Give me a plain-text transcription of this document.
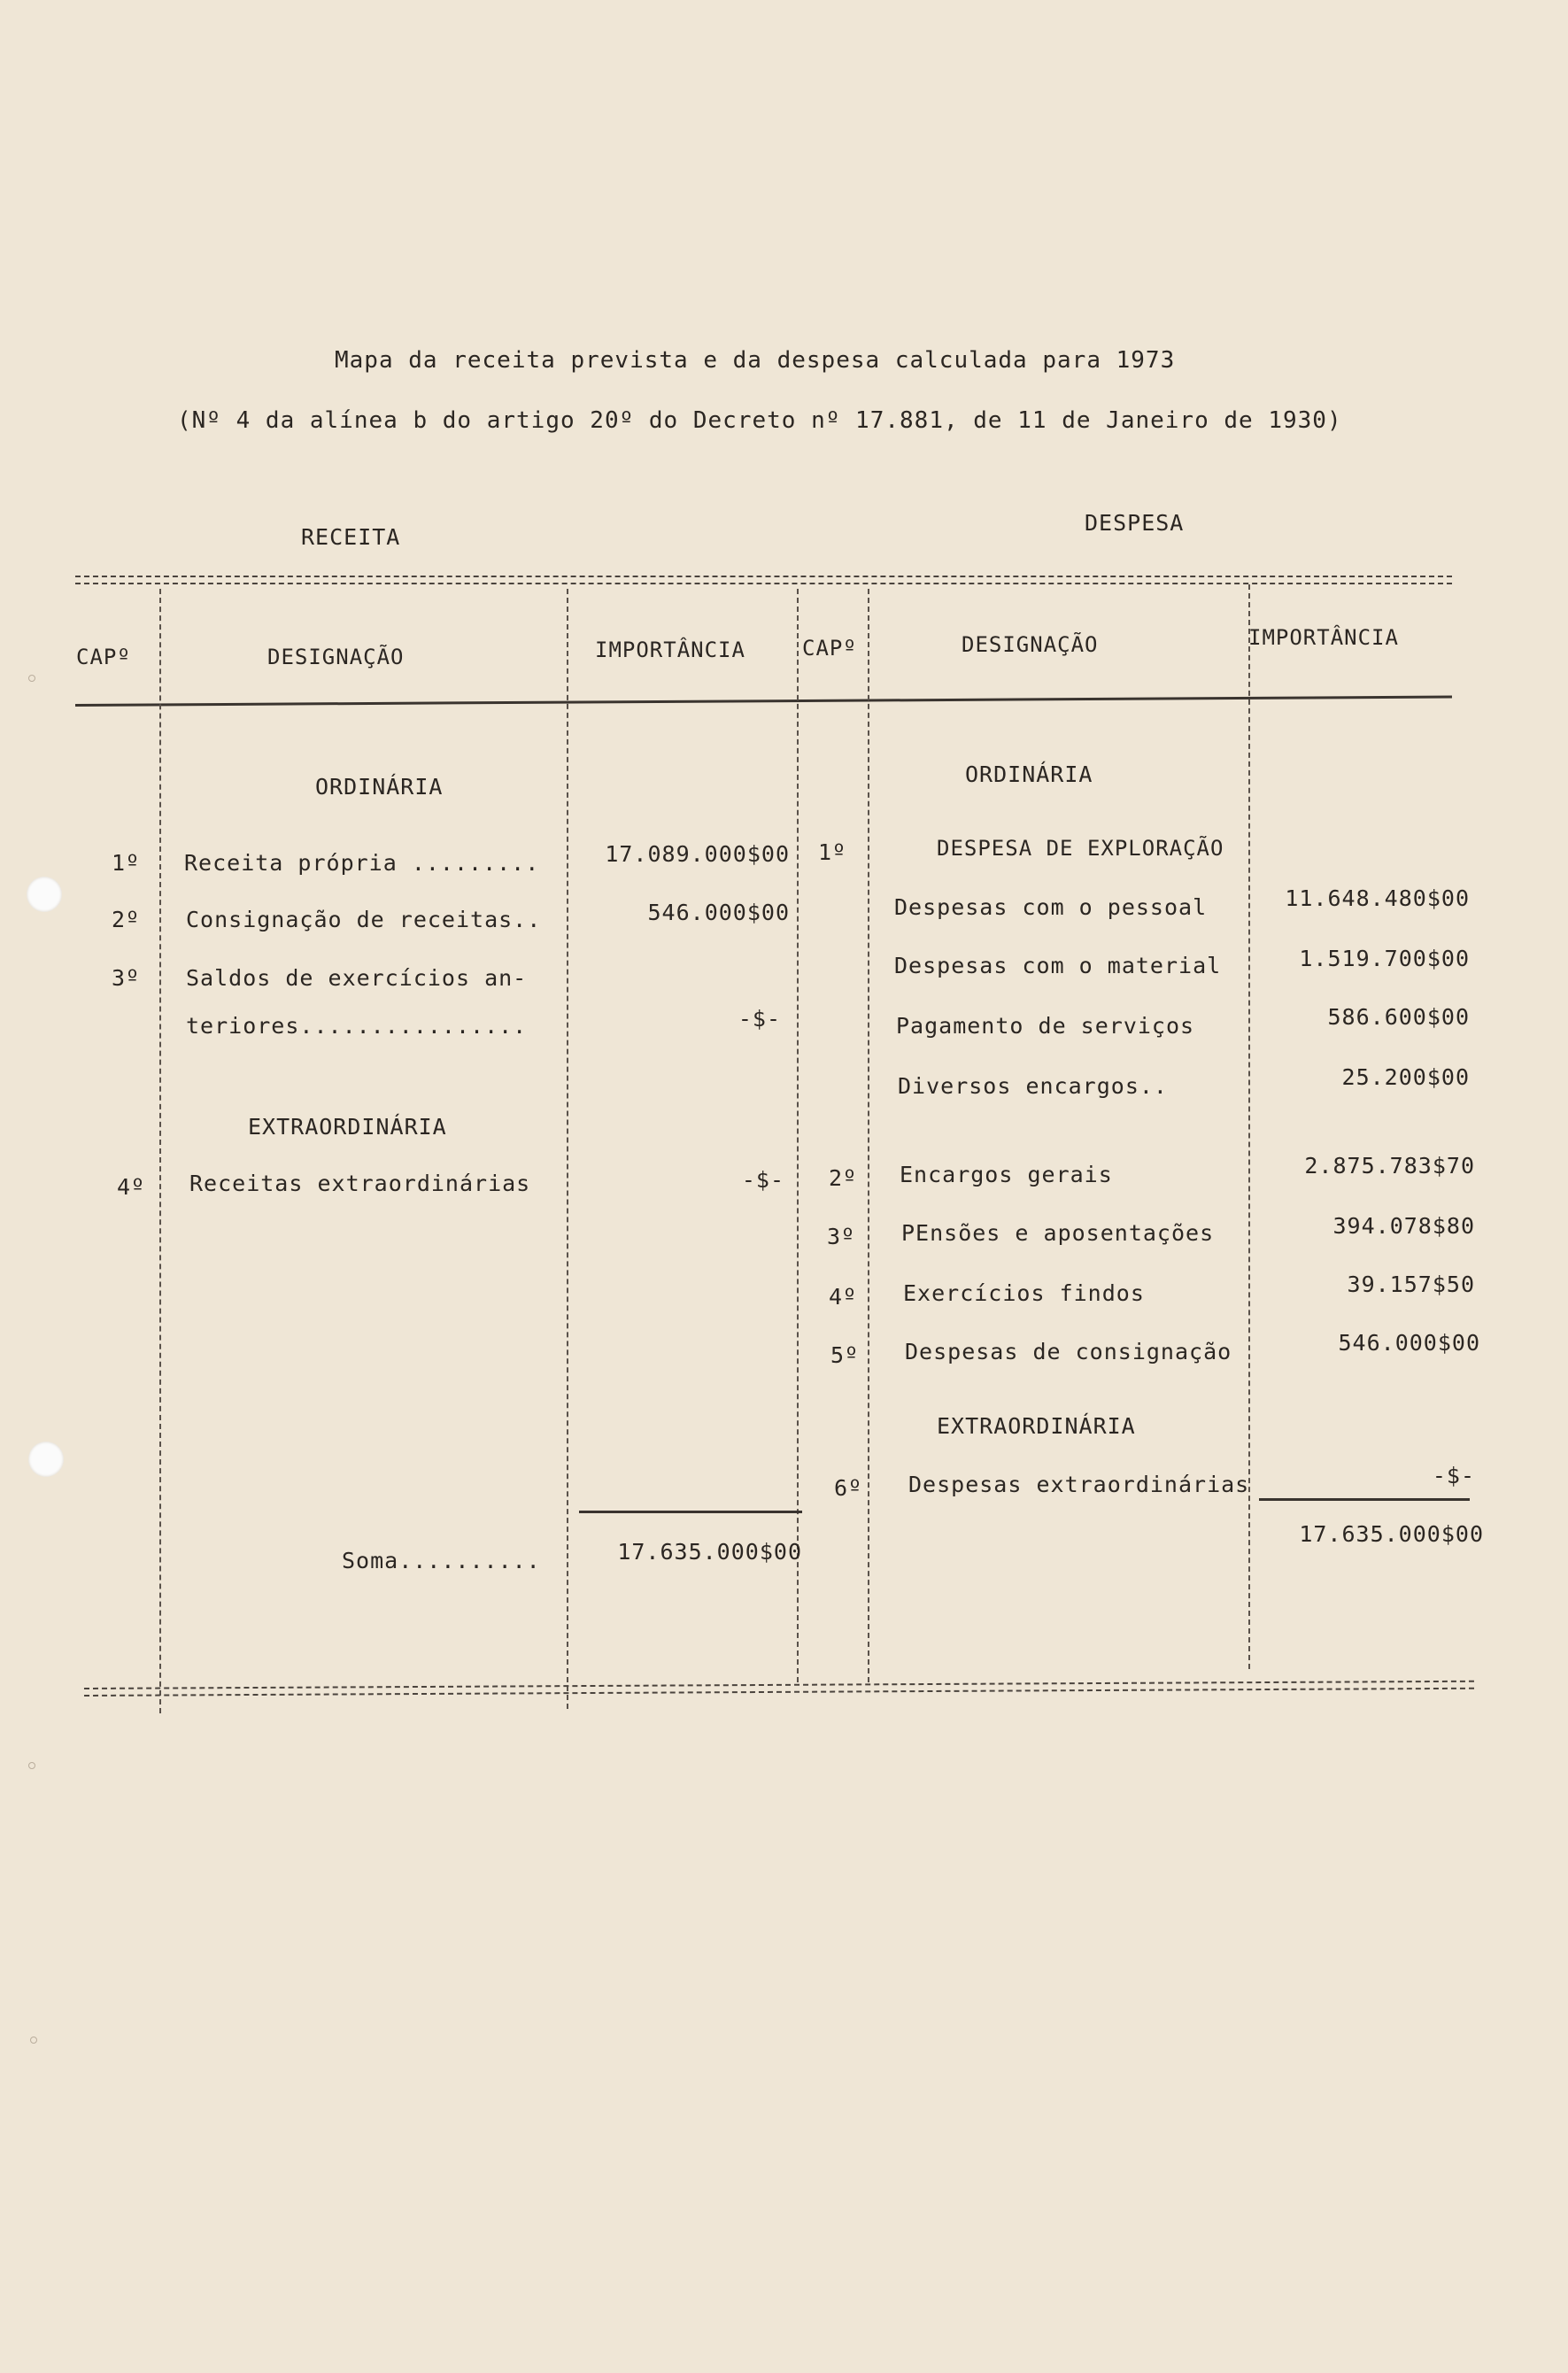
Mapa da receita prevista e da despesa calculada para 1973
(Nº 4 da alínea b do artigo 20º do Decreto nº 17.881, de 11 de Janeiro de 1930)
RECEITA
DESPESA
CAPº	DESIGNAÇÃO	IMPORTÂNCIA	CAPº	DESIGNAÇÃO	IMPORTÂNCIA
ORDINÁRIA
1º Receita própria .........	17.089.000$00
2º Consignação de receitas..	546.000$00
3º Saldos de exercícios an-
teriores................	-$-
EXTRAORDINÁRIA
4º Receitas extraordinárias	-$-
Soma..........	17.635.000$00
ORDINÁRIA
1º	DESPESA DE EXPLORAÇÃO
Despesas com o pessoal	11.648.480$00
Despesas com o material	1.519.700$00
Pagamento de serviços	586.600$00
Diversos encargos..	25.200$00
2º Encargos gerais	2.875.783$70
3º PEnsões e aposentações	394.078$80
4º Exercícios findos	39.157$50
5º Despesas de consignação	546.000$00
EXTRAORDINÁRIA
6º Despesas extraordinárias	-$-
17.635.000$00
